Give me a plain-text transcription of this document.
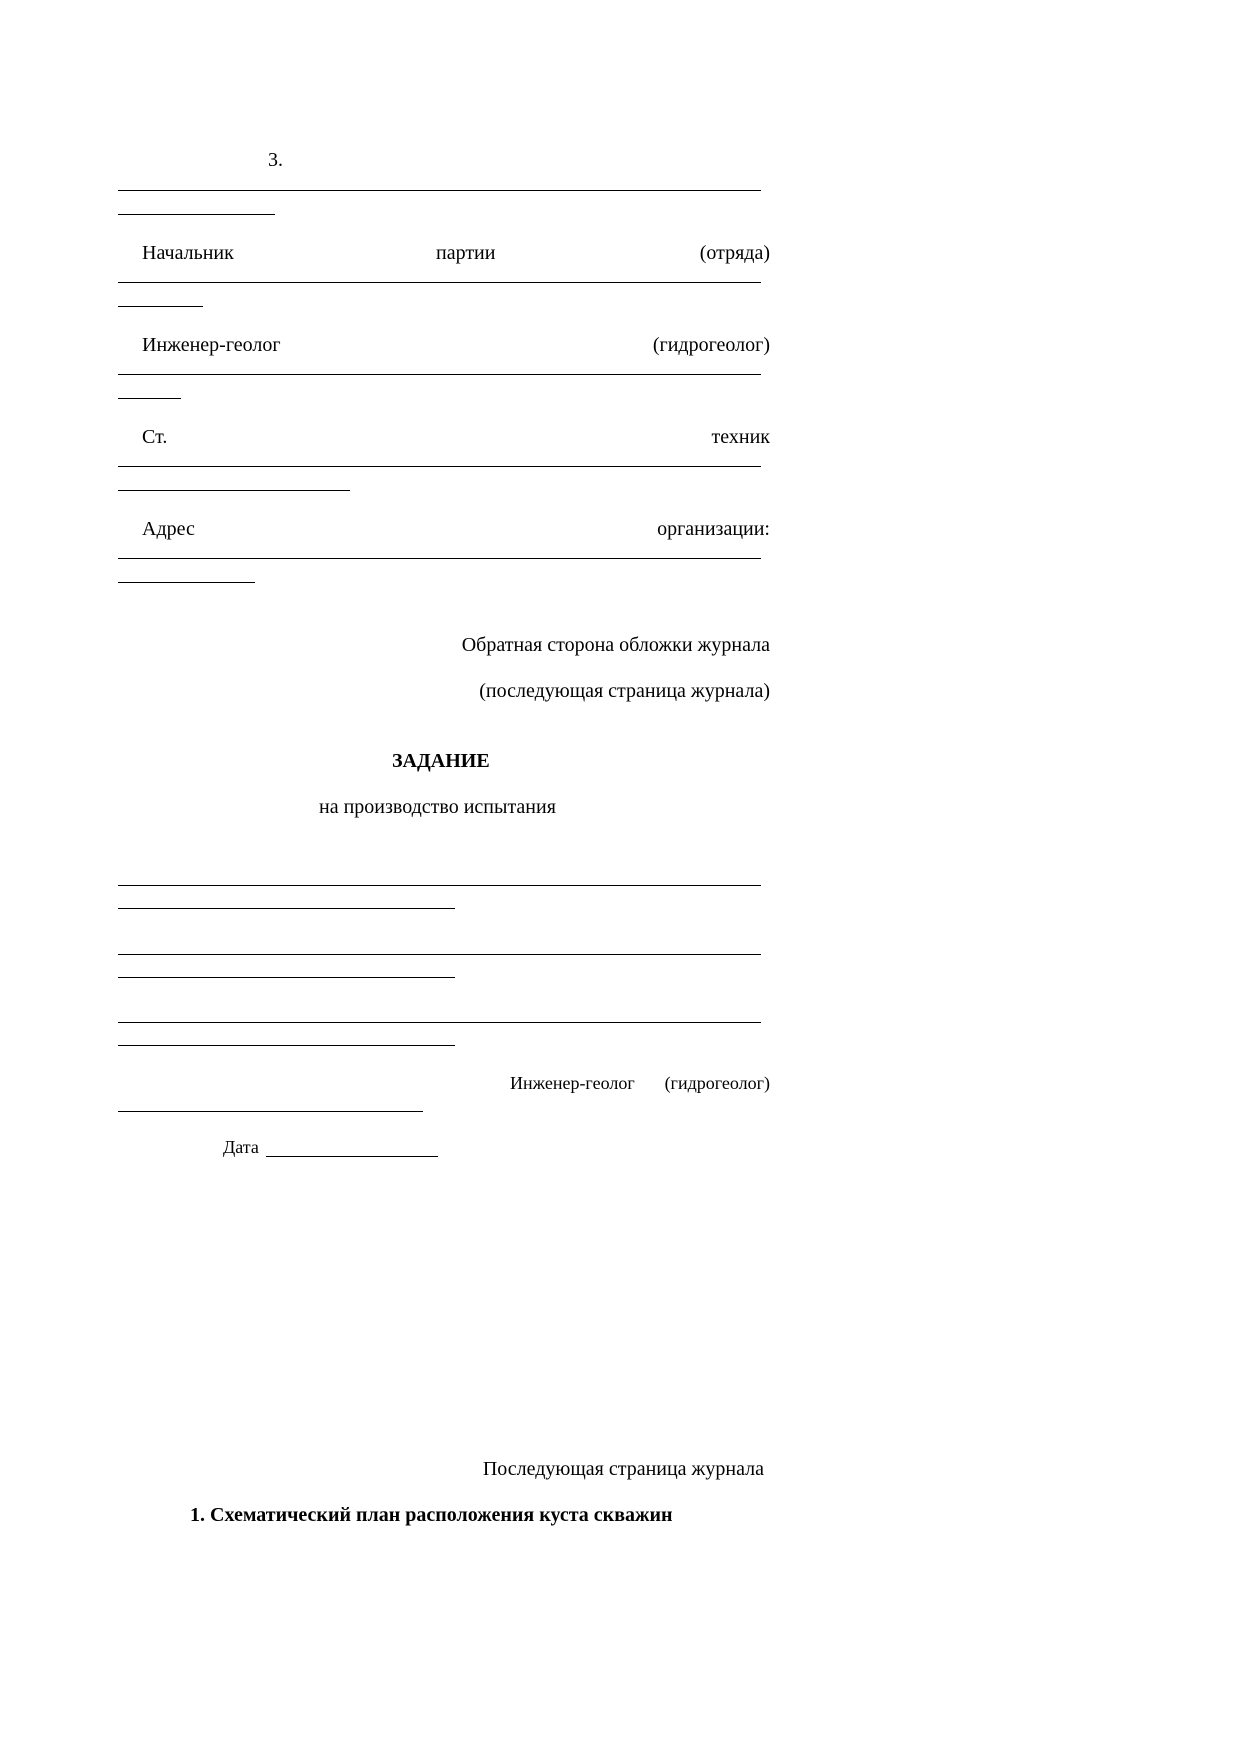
3.
Начальник	партии	(отряда)
Инженер-геолог	(гидрогеолог)
Ст.	техник
Адрес	организации:
Обратная сторона обложки журнала
(последующая страница журнала)
ЗАДАНИЕ
на производство испытания
Инженер-геолог (гидрогеолог)
Дата
Последующая страница журнала
1. Схематический план расположения куста скважин
